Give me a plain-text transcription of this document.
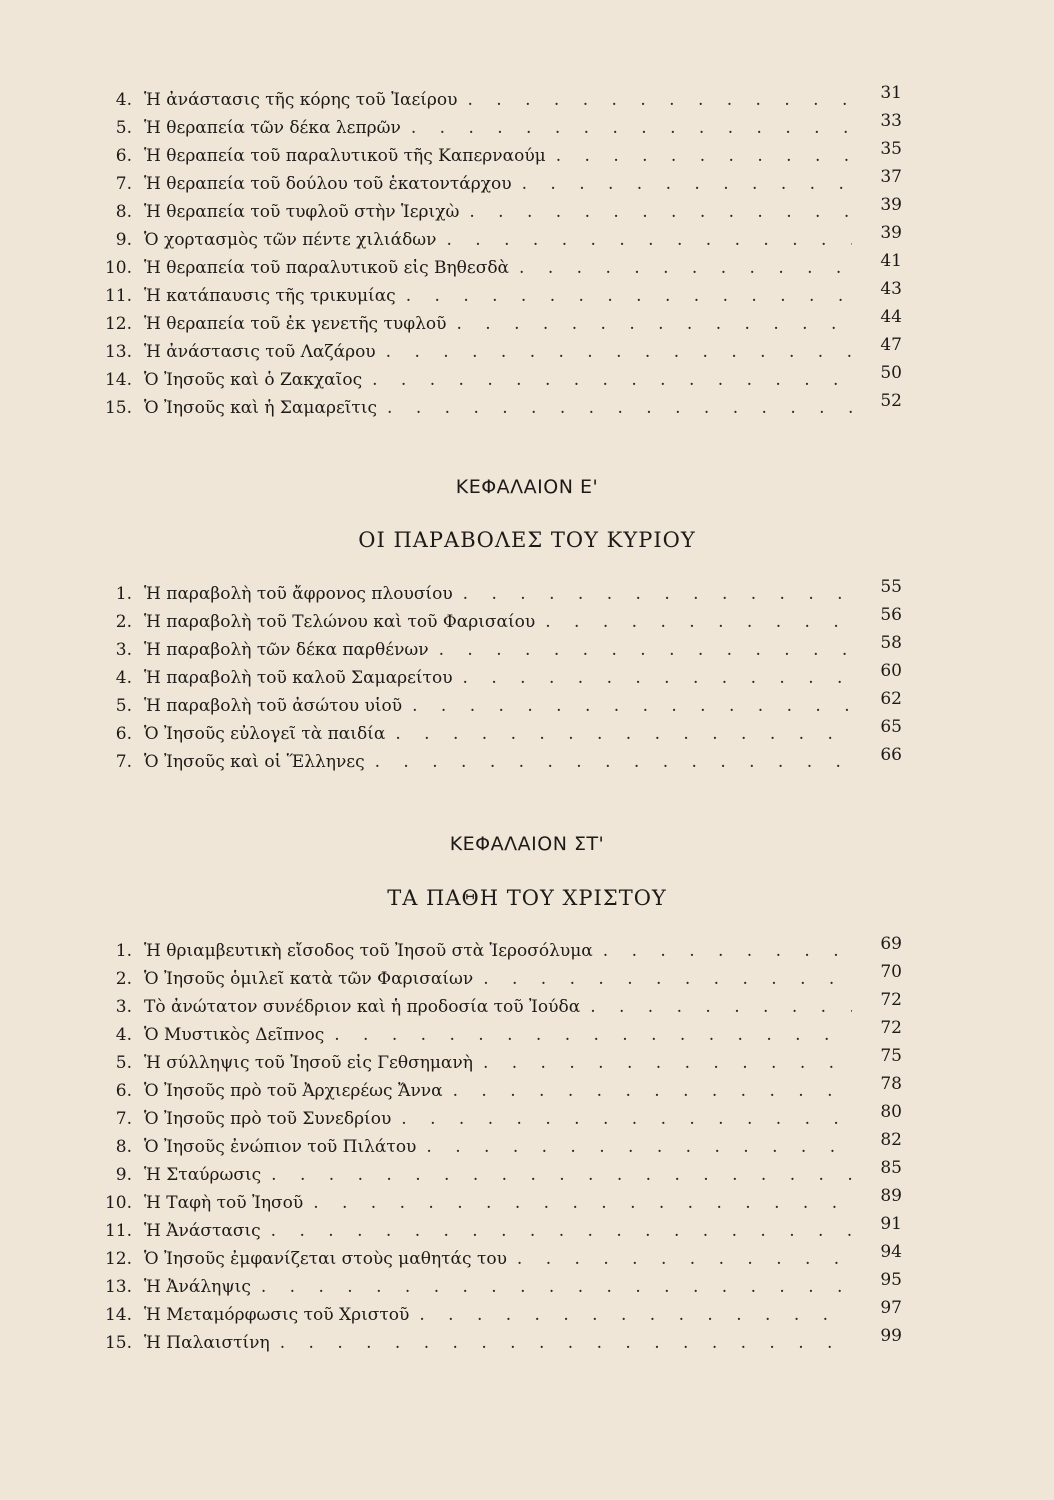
4. Ἡ ἀνάστασις τῆς κόρης τοῦ Ἰαείρου . . .	31
5. Ἡ θεραπεία τῶν δέκα λεπρῶν . . .	33
6. Ἡ θεραπεία τοῦ παραλυτικοῦ τῆς Καπερναούμ . . .	35
7. Ἡ θεραπεία τοῦ δούλου τοῦ ἑκατοντάρχου . . .	37
8. Ἡ θεραπεία τοῦ τυφλοῦ στὴν Ἱεριχὼ . . .	39
9. Ὁ χορτασμὸς τῶν πέντε χιλιάδων . . .	39
10. Ἡ θεραπεία τοῦ παραλυτικοῦ εἰς Βηθεσδὰ . . .	41
11. Ἡ κατάπαυσις τῆς τρικυμίας . . .	43
12. Ἡ θεραπεία τοῦ ἐκ γενετῆς τυφλοῦ . . .	44
13. Ἡ ἀνάστασις τοῦ Λαζάρου . . .	47
14. Ὁ Ἰησοῦς καὶ ὁ Ζακχαῖος . . .	50
15. Ὁ Ἰησοῦς καὶ ἡ Σαμαρεῖτις . . .	52
ΚΕΦΑΛΑΙΟΝ Ε'
ΟΙ ΠΑΡΑΒΟΛΕΣ ΤΟΥ ΚΥΡΙΟΥ
1. Ἡ παραβολὴ τοῦ ἄφρονος πλουσίου . . .	55
2. Ἡ παραβολὴ τοῦ Τελώνου καὶ τοῦ Φαρισαίου . . .	56
3. Ἡ παραβολὴ τῶν δέκα παρθένων . . .	58
4. Ἡ παραβολὴ τοῦ καλοῦ Σαμαρείτου . . .	60
5. Ἡ παραβολὴ τοῦ ἀσώτου υἱοῦ . . .	62
6. Ὁ Ἰησοῦς εὐλογεῖ τὰ παιδία . . .	65
7. Ὁ Ἰησοῦς καὶ οἱ Ἕλληνες . . .	66
ΚΕΦΑΛΑΙΟΝ ΣΤ'
ΤΑ ΠΑΘΗ ΤΟΥ ΧΡΙΣΤΟΥ
1. Ἡ θριαμβευτικὴ εἴσοδος τοῦ Ἰησοῦ στὰ Ἱεροσόλυμα . . .	69
2. Ὁ Ἰησοῦς ὁμιλεῖ κατὰ τῶν Φαρισαίων . . .	70
3. Τὸ ἀνώτατον συνέδριον καὶ ἡ προδοσία τοῦ Ἰούδα . . .	72
4. Ὁ Μυστικὸς Δεῖπνος . . .	72
5. Ἡ σύλληψις τοῦ Ἰησοῦ εἰς Γεθσημανὴ . . .	75
6. Ὁ Ἰησοῦς πρὸ τοῦ Ἀρχιερέως Ἄννα . . .	78
7. Ὁ Ἰησοῦς πρὸ τοῦ Συνεδρίου . . .	80
8. Ὁ Ἰησοῦς ἐνώπιον τοῦ Πιλάτου . . .	82
9. Ἡ Σταύρωσις . . .	85
10. Ἡ Ταφὴ τοῦ Ἰησοῦ . . .	89
11. Ἡ Ἀνάστασις . . .	91
12. Ὁ Ἰησοῦς ἐμφανίζεται στοὺς μαθητάς του . . .	94
13. Ἡ Ἀνάληψις . . .	95
14. Ἡ Μεταμόρφωσις τοῦ Χριστοῦ . . .	97
15. Ἡ Παλαιστίνη . . .	99
